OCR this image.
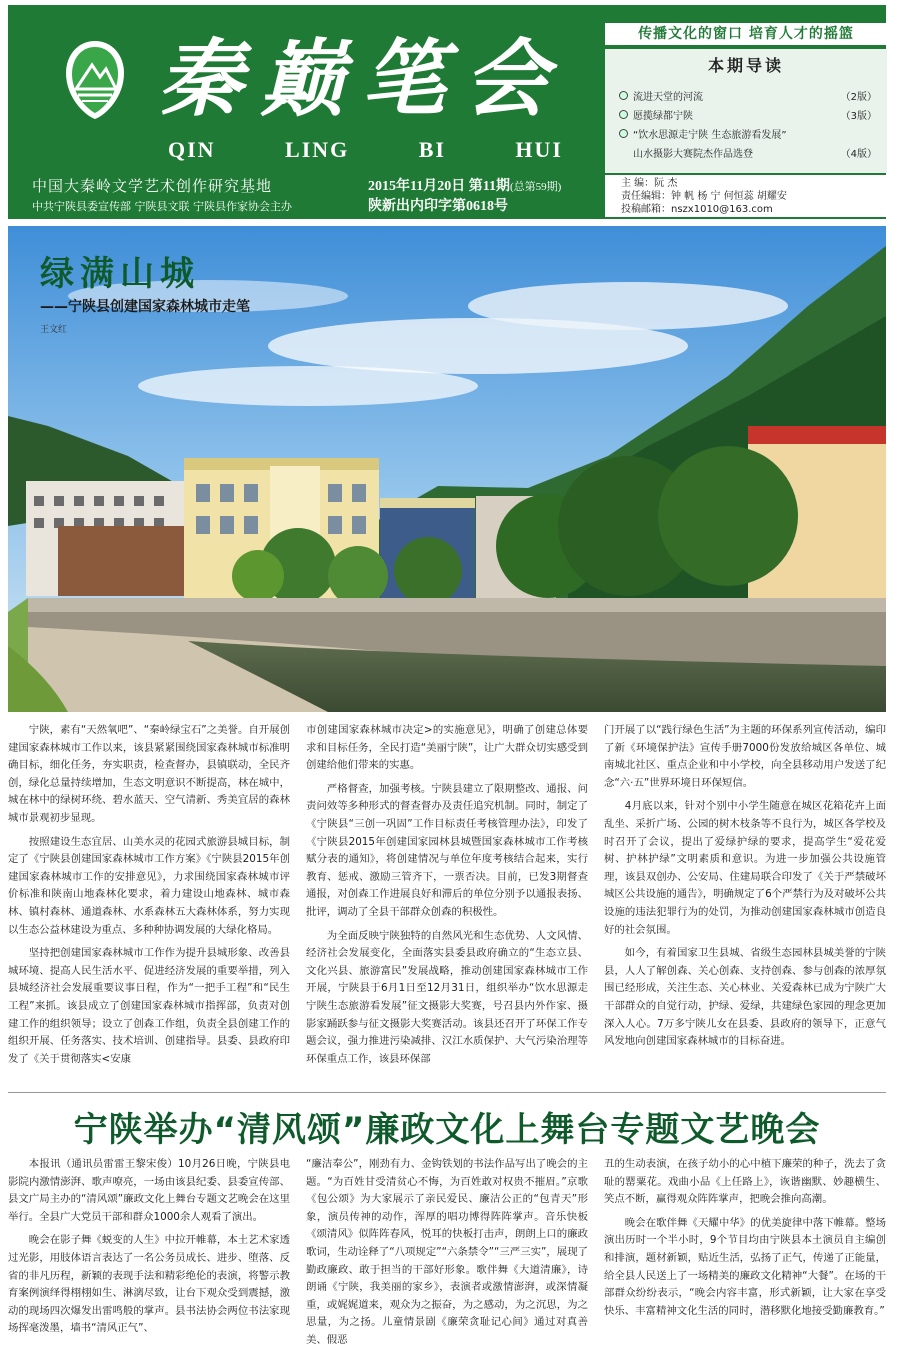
秦 巅 笔 会
QIN	LING	BI	HUI
中国大秦岭文学艺术创作研究基地
中共宁陕县委宣传部 宁陕县文联 宁陕县作家协会主办
2015年11月20日 第11期(总第59期)
陕新出内印字第0618号
传播文化的窗口 培育人才的摇篮
本期导读
流进天堂的河流	（2版）
愿揽绿都宁陕	（3版）
“饮水思源走宁陕 生态旅游看发展”
山水摄影大赛院杰作品选登	（4版）
主 编：阮 杰
责任编辑：钟 帆 杨 宁 何恒蕊 胡耀安
投稿邮箱：nszx1010@163.com
绿满山城
——宁陕县创建国家森林城市走笔
王文红

宁陕，素有“天然氧吧”、“秦岭绿宝石”之美誉。自开展创建国家森林城市工作以来，该县紧紧围绕国家森林城市标准明确目标，细化任务，夯实职责，检查督办，县镇联动，全民齐创，绿化总量持续增加，生态文明意识不断提高，林在城中，城在林中的绿树环绕、碧水蓝天、空气清新、秀美宜居的森林城市景观初步显现。

按照建设生态宜居、山美水灵的花园式旅游县城目标，制定了《宁陕县创建国家森林城市工作方案》《宁陕县2015年创建国家森林城市工作的安排意见》，力求围绕国家森林城市评价标准和陕南山地森林化要求，着力建设山地森林、城市森林、镇村森林、通道森林、水系森林五大森林体系，努力实现以生态公益林建设为重点、多种种协调发展的大绿化格局。

坚持把创建国家森林城市工作作为提升县城形象、改善县城环境、提高人民生活水平、促进经济发展的重要举措，列入县城经济社会发展重要议事日程，作为“一把手工程”和“民生工程”来抓。该县成立了创建国家森林城市指挥部，负责对创建工作的组织领导；设立了创森工作组，负责全县创建工作的组织开展、任务落实、技术培训、创建指导。县委、县政府印发了《关于贯彻落实<安康

市创建国家森林城市决定>的实施意见》，明确了创建总体要求和目标任务，全民打造“美丽宁陕”，让广大群众切实感受到创建给他们带来的实惠。

严格督查，加强考核。宁陕县建立了限期整改、通报、问责问效等多种形式的督查督办及责任追究机制。同时，制定了《宁陕县“三创一巩固”工作目标责任考核管理办法》，印发了《宁陕县2015年创建国家园林县城暨国家森林城市工作考核赋分表的通知》，将创建情况与单位年度考核结合起来，实行教育、惩戒、激励三管齐下，一票否决。目前，已发3期督查通报，对创森工作进展良好和滞后的单位分别予以通报表扬、批评，调动了全县干部群众创森的积极性。

为全面反映宁陕独特的自然风光和生态优势、人文风情、经济社会发展变化，全面落实县委县政府确立的“生态立县、文化兴县、旅游富民”发展战略，推动创建国家森林城市工作开展，宁陕县于6月1日至12月31日，组织举办“饮水思源走宁陕生态旅游看发展”征文摄影大奖赛，号召县内外作家、摄影家踊跃参与征文摄影大奖赛活动。该县还召开了环保工作专题会议，强力推进污染减排、汉江水质保护、大气污染治理等环保重点工作，该县环保部

门开展了以“践行绿色生活”为主题的环保系列宣传活动，编印了新《环境保护法》宣传手册7000份发放给城区各单位、城南城北社区、重点企业和中小学校，向全县移动用户发送了纪念“六·五”世界环境日环保短信。

4月底以来，针对个别中小学生随意在城区花箱花卉上面乱坐、采折广场、公园的树木枝条等不良行为，城区各学校及时召开了会议，提出了爱绿护绿的要求，提高学生“爱花爱树、护林护绿”文明素质和意识。为进一步加强公共设施管理，该县双创办、公安局、住建局联合印发了《关于严禁破坏城区公共设施的通告》，明确规定了6个严禁行为及对破坏公共设施的违法犯罪行为的处罚，为推动创建国家森林城市创造良好的社会氛围。

如今，有着国家卫生县城、省级生态园林县城美誉的宁陕县，人人了解创森、关心创森、支持创森、参与创森的浓厚氛围已经形成，关注生态、关心林业、关爱森林已成为宁陕广大干部群众的自觉行动，护绿、爱绿，共建绿色家园的理念更加深入人心。7万多宁陕儿女在县委、县政府的领导下，正意气风发地向创建国家森林城市的目标奋进。

宁陕举办“清风颂”廉政文化上舞台专题文艺晚会

本报讯（通讯员雷雷王黎宋俊）10月26日晚，宁陕县电影院内激情澎湃、歌声嘹亮，一场由该县纪委、县委宣传部、县文广局主办的“清风颂”廉政文化上舞台专题文艺晚会在这里举行。全县广大党员干部和群众1000余人观看了演出。

晚会在影子舞《蜕变的人生》中拉开帷幕，本土艺术家透过光影，用肢体语言表达了一名公务员成长、进步、堕落、反省的非凡历程，新颖的表现手法和精彩绝伦的表演，将警示教育案例演绎得栩栩如生、淋漓尽致，让台下观众受到震撼，激动的现场四次爆发出雷鸣般的掌声。县书法协会两位书法家现场挥毫泼墨，墙书“清风正气”、

“廉洁奉公”，刚劲有力、金钩铁划的书法作品写出了晚会的主题。“为百姓甘受清贫心不悔，为百姓敢对权贵不摧眉。”京歌《包公颂》为大家展示了亲民爱民、廉洁公正的“包青天”形象，演员传神的动作，浑厚的唱功博得阵阵掌声。音乐快板《颂清风》似阵阵春风，悦耳的快板打击声，朗朗上口的廉政歌词，生动诠释了“八项规定”“六条禁令”“三严三实”，展现了勤政廉政、敢于担当的干部好形象。歌伴舞《大道清廉》，诗朗诵《宁陕，我美丽的家乡》，表演者或激情澎湃，或深情凝重，或娓娓道来，观众为之振奋，为之感动，为之沉思，为之思量，为之扬。儿童情景剧《廉荣贪耻记心间》通过对真善美、假恶

丑的生动表演，在孩子幼小的心中植下廉荣的种子，洗去了贪耻的罂粟花。戏曲小品《上任路上》，诙谐幽默、妙趣横生、笑点不断，赢得观众阵阵掌声，把晚会推向高潮。

晚会在歌伴舞《天耀中华》的优美旋律中落下帷幕。整场演出历时一个半小时，9个节目均由宁陕县本土演员自主编创和排演，题材新颖，贴近生活，弘扬了正气，传递了正能量，给全县人民送上了一场精美的廉政文化精神“大餐”。在场的干部群众纷纷表示，“晚会内容丰富，形式新颖，让大家在享受快乐、丰富精神文化生活的同时，潜移默化地接受勤廉教育。”
